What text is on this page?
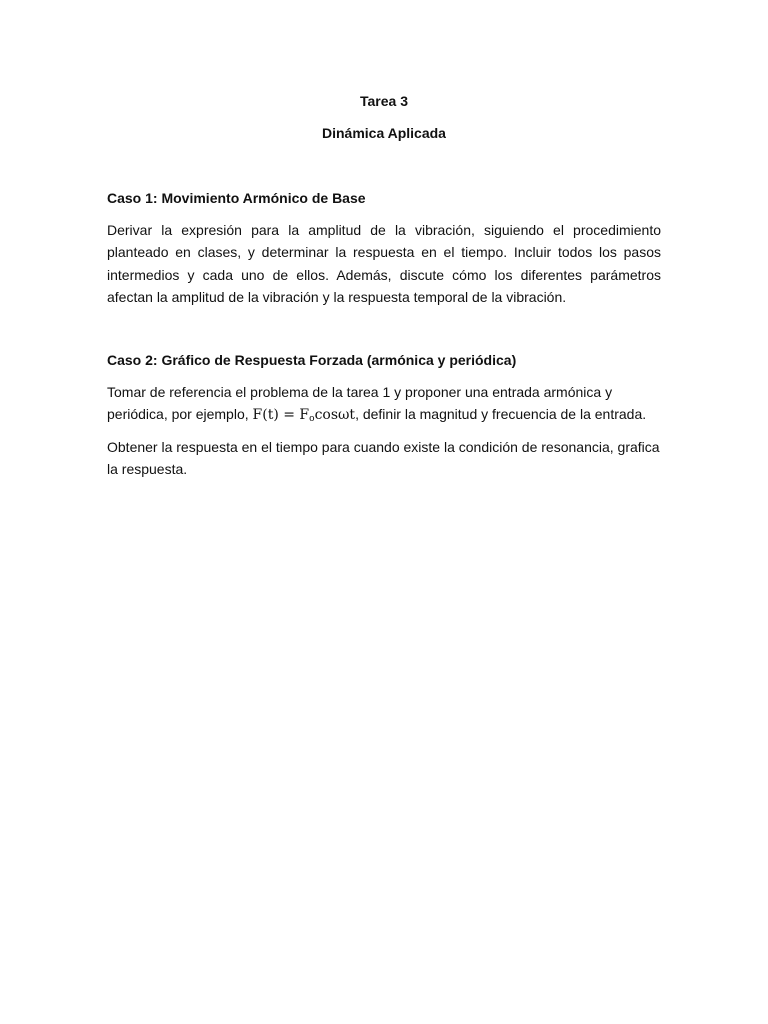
Tarea 3
Dinámica Aplicada
Caso 1: Movimiento Armónico de Base
Derivar la expresión para la amplitud de la vibración, siguiendo el procedimiento planteado en clases, y determinar la respuesta en el tiempo. Incluir todos los pasos intermedios y cada uno de ellos. Además, discute cómo los diferentes parámetros afectan la amplitud de la vibración y la respuesta temporal de la vibración.
Caso 2: Gráfico de Respuesta Forzada (armónica y periódica)
Tomar de referencia el problema de la tarea 1 y proponer una entrada armónica y periódica, por ejemplo, $F(t) = F_o\cos\omega t$, definir la magnitud y frecuencia de la entrada.
Obtener la respuesta en el tiempo para cuando existe la condición de resonancia, grafica la respuesta.
